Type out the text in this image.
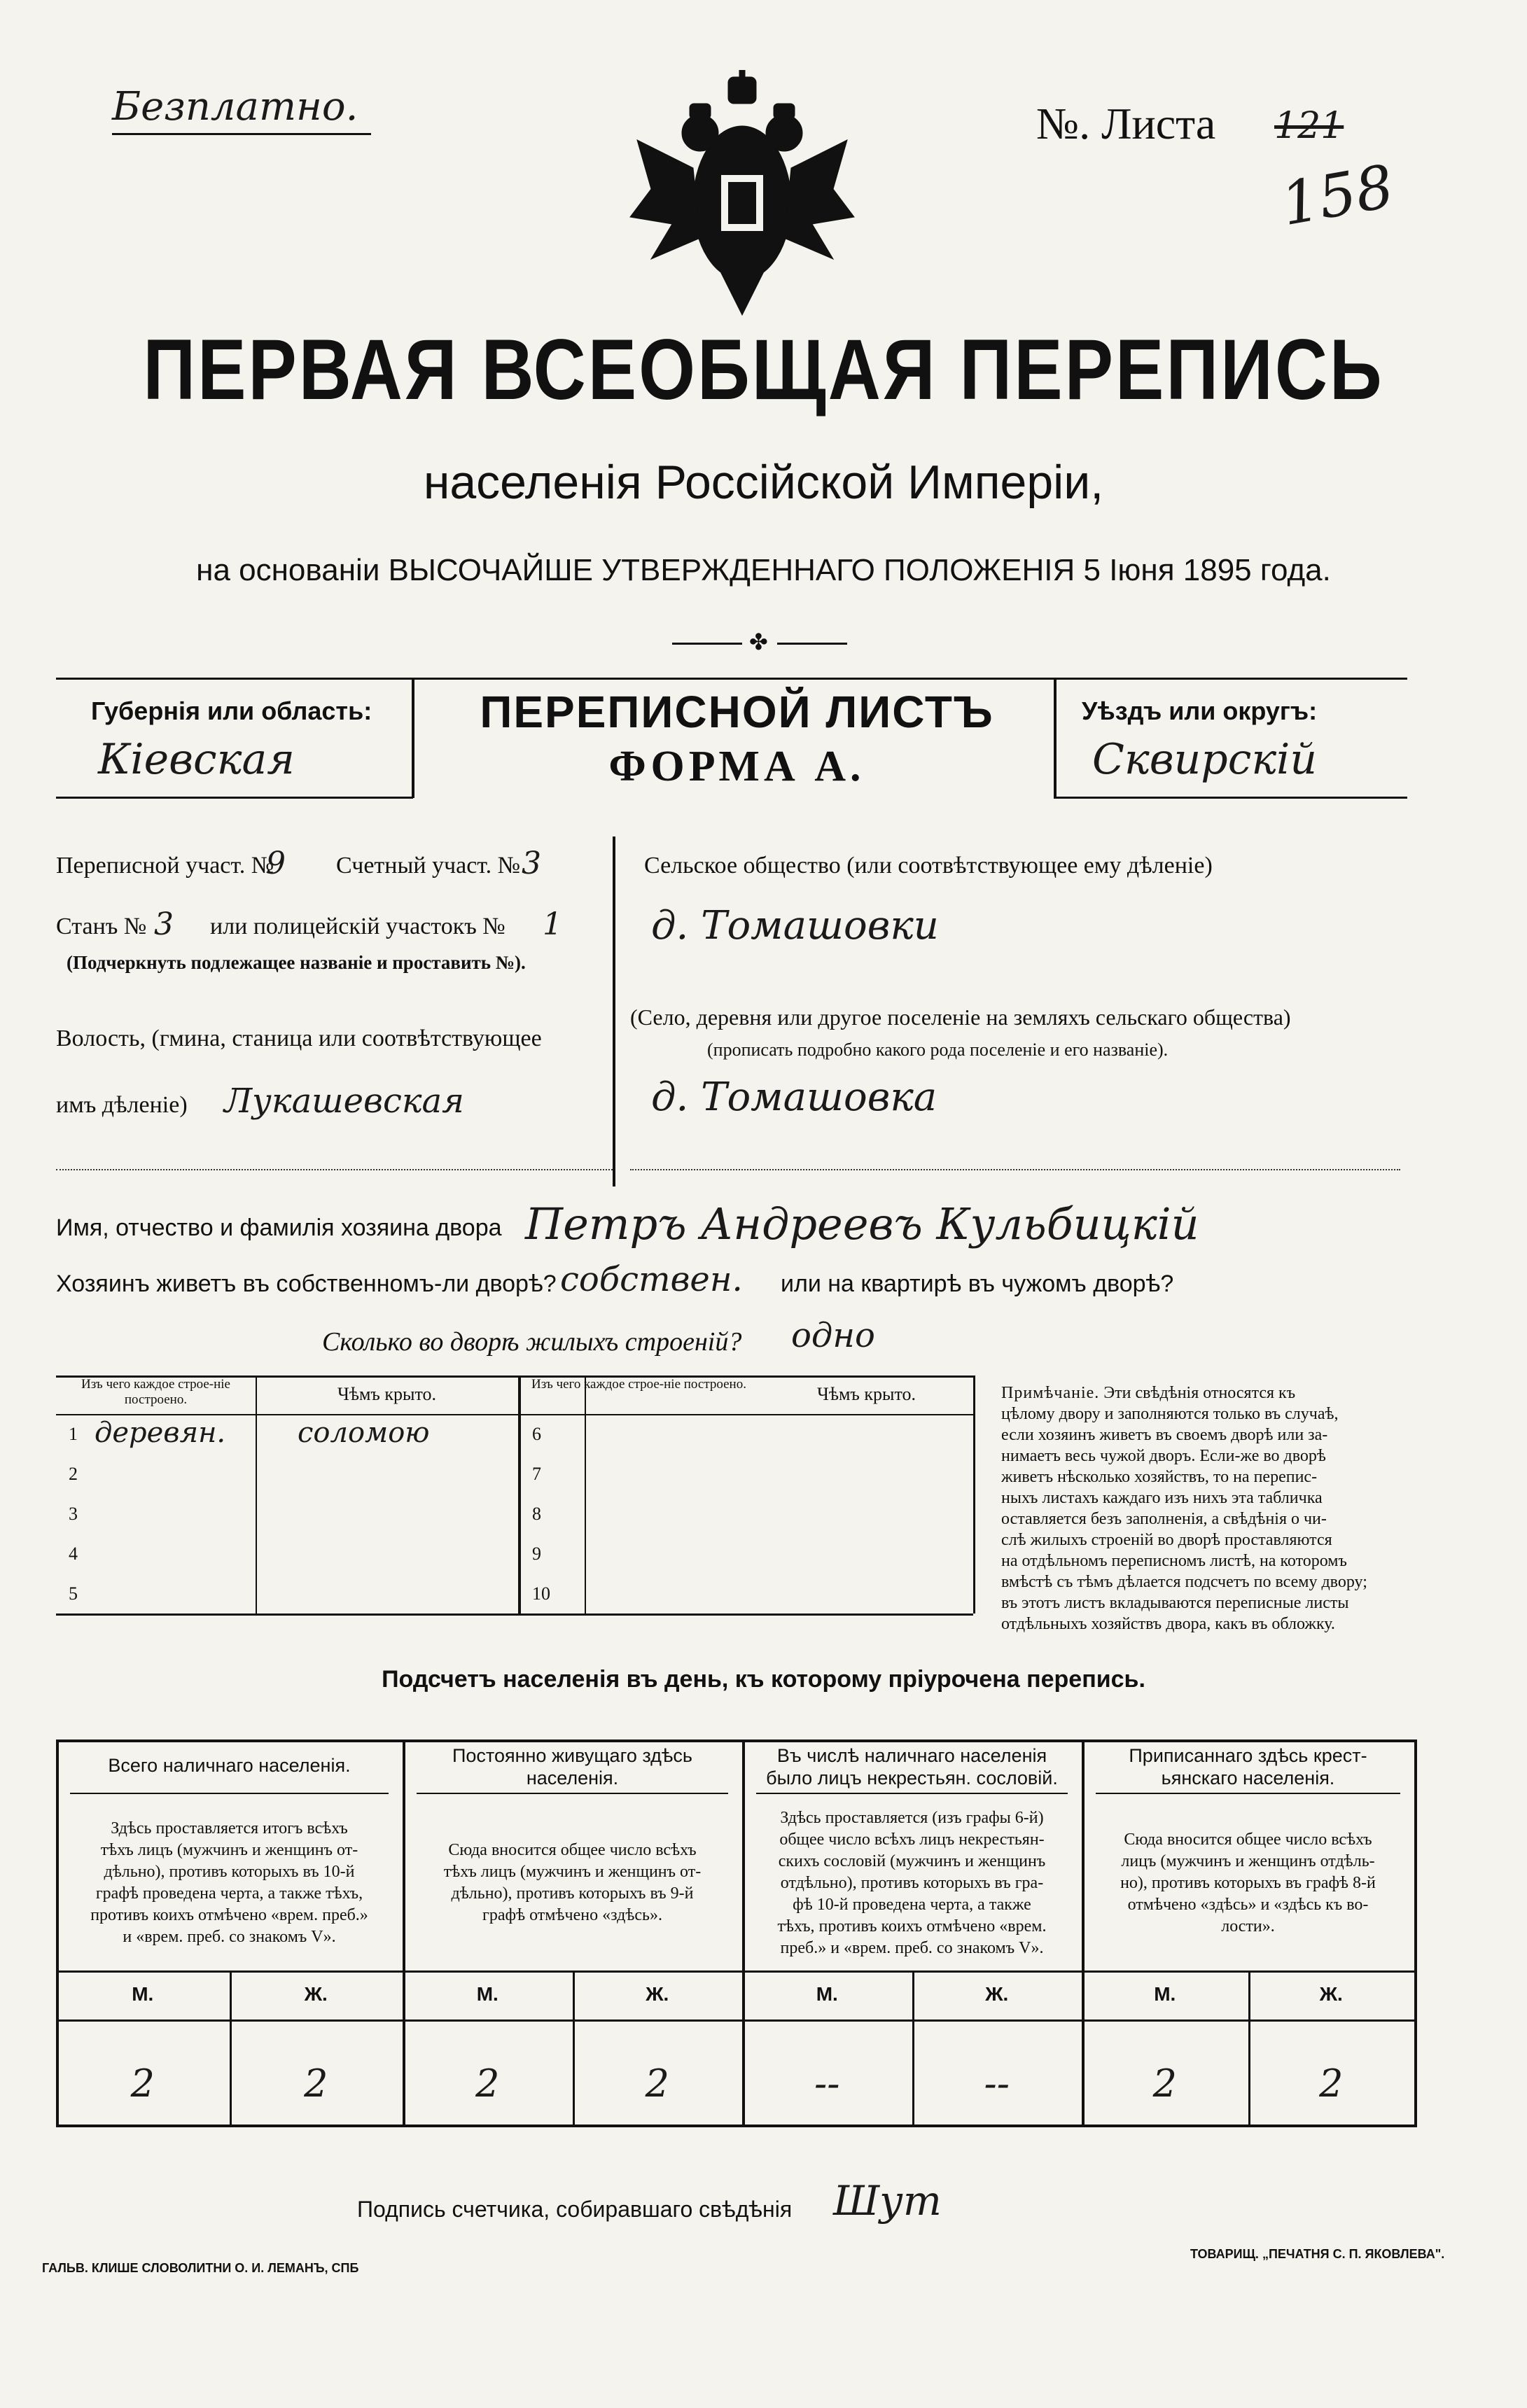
Безплатно.	№. Листа 121
158
ПЕРВАЯ ВСЕОБЩАЯ ПЕРЕПИСЬ
населенія Россійской Имперіи,
на основаніи ВЫСОЧАЙШЕ УТВЕРЖДЕННАГО ПОЛОЖЕНІЯ 5 Іюня 1895 года.
✤
Губернія или область:
Кіевская
ПЕРЕПИСНОЙ ЛИСТЪ
ФОРМА А.
Уѣздъ или округъ:
Сквирскій
Переписной участ. №
9 Счетный участ. № 3
Станъ № 3 или полицейскій участокъ № 1
(Подчеркнуть подлежащее названіе и проставить №).
Волость, (гмина, станица или соотвѣтствующее
имъ дѣленіе) Лукашевская
Сельское общество (или соотвѣтствующее ему дѣленіе)
д. Томашовки
(Село, деревня или другое поселеніе на земляхъ сельскаго общества)
(прописать подробно какого рода поселеніе и его названіе).
д. Томашовка
Имя, отчество и фамилія хозяина двора Петръ Андреевъ Кульбицкій
Хозяинъ живетъ въ собственномъ-ли дворѣ? собствен. или на квартирѣ въ чужомъ дворѣ?
Сколько во дворѣ жилыхъ строеній? одно
Примѣчаніе. Эти свѣдѣнія относятся къ
цѣлому двору и заполняются только въ случаѣ,
если хозяинъ живетъ въ своемъ дворѣ или за-
нимаетъ весь чужой дворъ. Если-же во дворѣ
живетъ нѣсколько хозяйствъ, то на перепис-
ныхъ листахъ каждаго изъ нихъ эта табличка
оставляется безъ заполненія, а свѣдѣнія о чи-
слѣ жилыхъ строеній во дворѣ проставляются
на отдѣльномъ переписномъ листѣ, на которомъ
вмѣстѣ съ тѣмъ дѣлается подсчетъ по всему двору;
въ этотъ листъ вкладываются переписные листы
отдѣльныхъ хозяйствъ двора, какъ въ обложку.
Подсчетъ населенія въ день, къ которому пріурочена перепись.
Подпись счетчика, собиравшаго свѣдѣнія Шут
ГАЛЬВ. КЛИШЕ СЛОВОЛИТНИ О. И. ЛЕМАНЪ, СПБ
ТОВАРИЩ. „ПЕЧАТНЯ С. П. ЯКОВЛЕВА".
Изъ чего каждое строе-ніе построено.	Чѣмъ крыто.	Изъ чего каждое строе-ніе построено.	Чѣмъ крыто.
1 деревян.	соломою
2
3
4
5
6
7
8
9
10
Всего наличнаго населенія.
Здѣсь проставляется итогъ всѣхъ
тѣхъ лицъ (мужчинъ и женщинъ от-
дѣльно), противъ которыхъ въ 10-й
графѣ проведена черта, а также тѣхъ,
противъ коихъ отмѣчено «врем. преб.»
и «врем. преб. со знакомъ V».
М.	Ж.
2	2
Постоянно живущаго здѣсь
населенія.
Сюда вносится общее число всѣхъ
тѣхъ лицъ (мужчинъ и женщинъ от-
дѣльно), противъ которыхъ въ 9-й
графѣ отмѣчено «здѣсь».
М.	Ж.
2	2
Въ числѣ наличнаго населенія
было лицъ некрестьян. сословій.
Здѣсь проставляется (изъ графы 6-й)
общее число всѣхъ лицъ некрестьян-
скихъ сословій (мужчинъ и женщинъ
отдѣльно), противъ которыхъ въ гра-
фѣ 10-й проведена черта, а также
тѣхъ, противъ коихъ отмѣчено «врем.
преб.» и «врем. преб. со знакомъ V».
М.	Ж.
--	--
Приписаннаго здѣсь крест-
ьянскаго населенія.
Сюда вносится общее число всѣхъ
лицъ (мужчинъ и женщинъ отдѣль-
но), противъ которыхъ въ графѣ 8-й
отмѣчено «здѣсь» и «здѣсь къ во-
лости».
М.	Ж.
2	2
